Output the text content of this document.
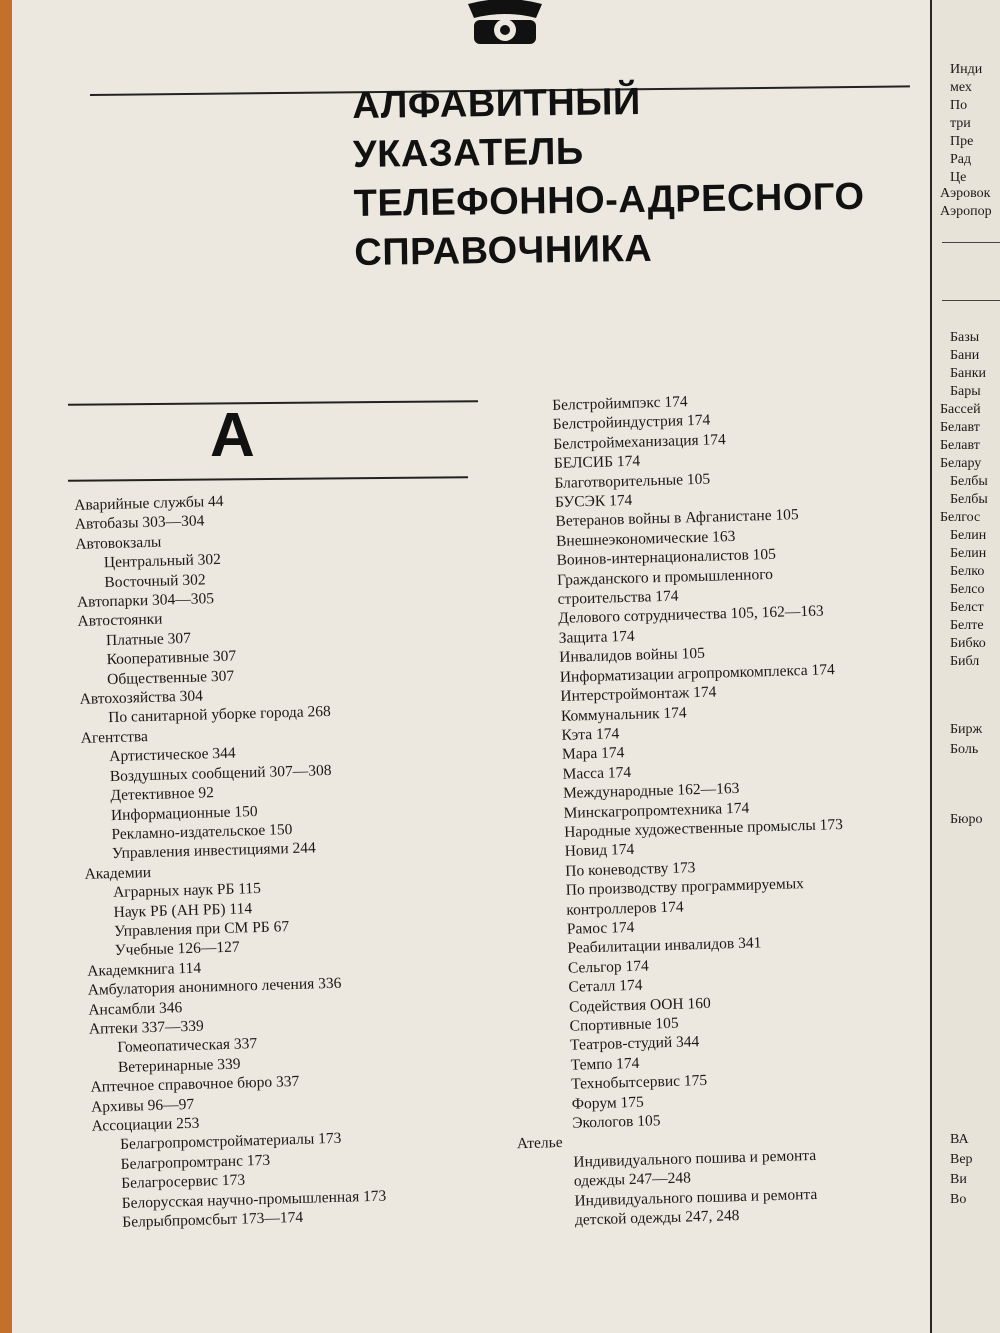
АЛФАВИТНЫЙ
УКАЗАТЕЛЬ
ТЕЛЕФОННО-АДРЕСНОГО
СПРАВОЧНИКА
А
Аварийные службы 44
Автобазы 303—304
Автовокзалы
Центральный 302
Восточный 302
Автопарки 304—305
Автостоянки
Платные 307
Кооперативные 307
Общественные 307
Автохозяйства 304
По санитарной уборке города 268
Агентства
Артистическое 344
Воздушных сообщений 307—308
Детективное 92
Информационные 150
Рекламно-издательское 150
Управления инвестициями 244
Академии
Аграрных наук РБ 115
Наук РБ (АН РБ) 114
Управления при СМ РБ 67
Учебные 126—127
Академкнига 114
Амбулатория анонимного лечения 336
Ансамбли 346
Аптеки 337—339
Гомеопатическая 337
Ветеринарные 339
Аптечное справочное бюро 337
Архивы 96—97
Ассоциации 253
Белагропромстройматериалы 173
Белагропромтранс 173
Белагросервис 173
Белорусская научно-промышленная 173
Белрыбпромсбыт 173—174
Белстройимпэкс 174
Белстройиндустрия 174
Белстроймеханизация 174
БЕЛСИБ 174
Благотворительные 105
БУСЭК 174
Ветеранов войны в Афганистане 105
Внешнеэкономические 163
Воинов-интернационалистов 105
Гражданского и промышленного
строительства 174
Делового сотрудничества 105, 162—163
Защита 174
Инвалидов войны 105
Информатизации агропромкомплекса 174
Интерстроймонтаж 174
Коммунальник 174
Кэта 174
Мара 174
Масса 174
Международные 162—163
Минскагропромтехника 174
Народные художественные промыслы 173
Новид 174
По коневодству 173
По производству программируемых
контроллеров 174
Рамос 174
Реабилитации инвалидов 341
Сельгор 174
Сеталл 174
Содействия ООН 160
Спортивные 105
Театров-студий 344
Темпо 174
Технобытсервис 175
Форум 175
Экологов 105
Ателье
Индивидуального пошива и ремонта
одежды 247—248
Индивидуального пошива и ремонта
детской одежды 247, 248
Инди
мех
По
три
Пре
Рад
Це
Аэровок
Аэропор
Базы
Бани
Банки
Бары
Бассей
Белавт
Белавт
Белару
Белбы
Белбы
Белгос
Белин
Белин
Белко
Белсо
Белст
Белте
Бибко
Библ
Бирж
Боль
Бюро
ВА
Вер
Ви
Во
